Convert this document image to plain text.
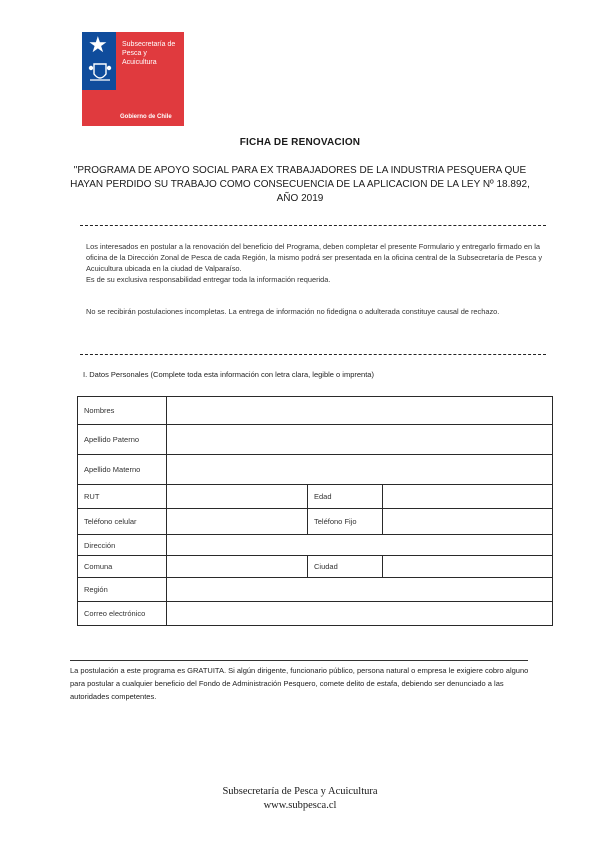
★ Subsecretaría de Pesca y Acuicultura
Gobierno de Chile
FICHA DE RENOVACION
"PROGRAMA DE APOYO SOCIAL PARA EX TRABAJADORES DE LA INDUSTRIA PESQUERA QUE HAYAN PERDIDO SU TRABAJO COMO CONSECUENCIA DE LA APLICACION DE LA LEY Nº 18.892, AÑO 2019
Los interesados en postular a la renovación del beneficio del Programa, deben completar el presente Formulario y entregarlo firmado en la oficina de la Dirección Zonal de Pesca de cada Región, la mismo podrá ser presentada en la oficina central de la Subsecretaría de Pesca y Acuicultura ubicada en la ciudad de Valparaíso.
Es de su exclusiva responsabilidad entregar toda la información requerida.
No se recibirán postulaciones incompletas. La entrega de información no fidedigna o adulterada constituye causal de rechazo.
I. Datos Personales (Complete toda esta información con letra clara, legible o imprenta)
Nombres			
Apellido Paterno			
Apellido Materno			
RUT		Edad	
Teléfono celular		Teléfono Fijo	
Dirección			
Comuna		Ciudad	
Región			
Correo electrónico			
La postulación a este programa es GRATUITA. Si algún dirigente, funcionario público, persona natural o empresa le exigiere cobro alguno para postular a cualquier beneficio del Fondo de Administración Pesquero, comete delito de estafa, debiendo ser denunciado a las autoridades competentes.
Subsecretaría de Pesca y Acuicultura
www.subpesca.cl
